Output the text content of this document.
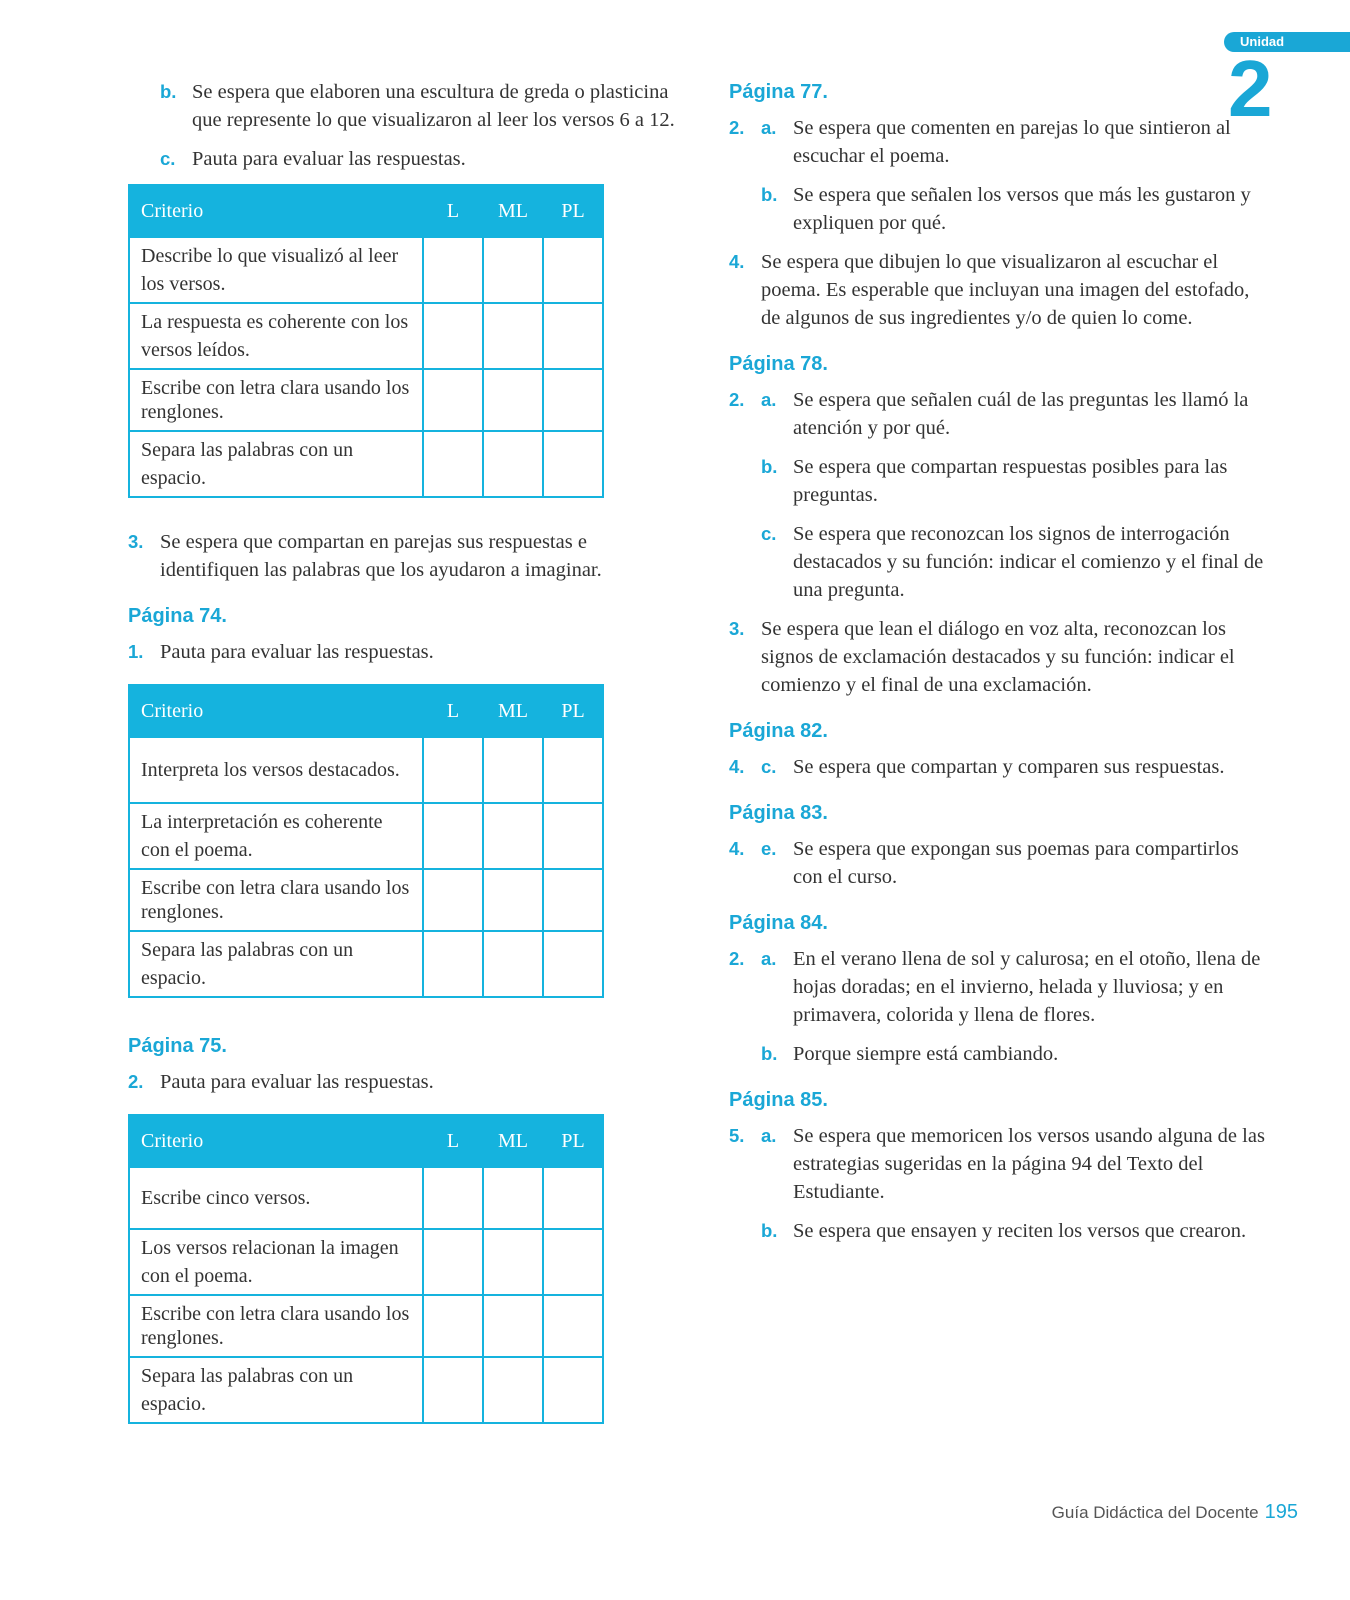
Unidad
2
b. Se espera que elaboren una escultura de greda o plasticina que represente lo que visualizaron al leer los versos 6 a 12.
c. Pauta para evaluar las respuestas.
Criterio	L	ML	PL
Describe lo que visualizó al leer los versos.			
La respuesta es coherente con los versos leídos.			
Escribe con letra clara usando los renglones.			
Separa las palabras con un espacio.			
3. Se espera que compartan en parejas sus respuestas e identifiquen las palabras que los ayudaron a imaginar.
Página 74.
1. Pauta para evaluar las respuestas.
Criterio	L	ML	PL
Interpreta los versos destacados.			
La interpretación es coherente con el poema.			
Escribe con letra clara usando los renglones.			
Separa las palabras con un espacio.			
Página 75.
2. Pauta para evaluar las respuestas.
Criterio	L	ML	PL
Escribe cinco versos.			
Los versos relacionan la imagen con el poema.			
Escribe con letra clara usando los renglones.			
Separa las palabras con un espacio.			
Página 77.
2. a. Se espera que comenten en parejas lo que sintieron al escuchar el poema.
b. Se espera que señalen los versos que más les gustaron y expliquen por qué.
4. Se espera que dibujen lo que visualizaron al escuchar el poema. Es esperable que incluyan una imagen del estofado, de algunos de sus ingredientes y/o de quien lo come.
Página 78.
2. a. Se espera que señalen cuál de las preguntas les llamó la atención y por qué.
b. Se espera que compartan respuestas posibles para las preguntas.
c. Se espera que reconozcan los signos de interrogación destacados y su función: indicar el comienzo y el final de una pregunta.
3. Se espera que lean el diálogo en voz alta, reconozcan los signos de exclamación destacados y su función: indicar el comienzo y el final de una exclamación.
Página 82.
4. c. Se espera que compartan y comparen sus respuestas.
Página 83.
4. e. Se espera que expongan sus poemas para compartirlos con el curso.
Página 84.
2. a. En el verano llena de sol y calurosa; en el otoño, llena de hojas doradas; en el invierno, helada y lluviosa; y en primavera, colorida y llena de flores.
b. Porque siempre está cambiando.
Página 85.
5. a. Se espera que memoricen los versos usando alguna de las estrategias sugeridas en la página 94 del Texto del Estudiante.
b. Se espera que ensayen y reciten los versos que crearon.
Guía Didáctica del Docente 195
